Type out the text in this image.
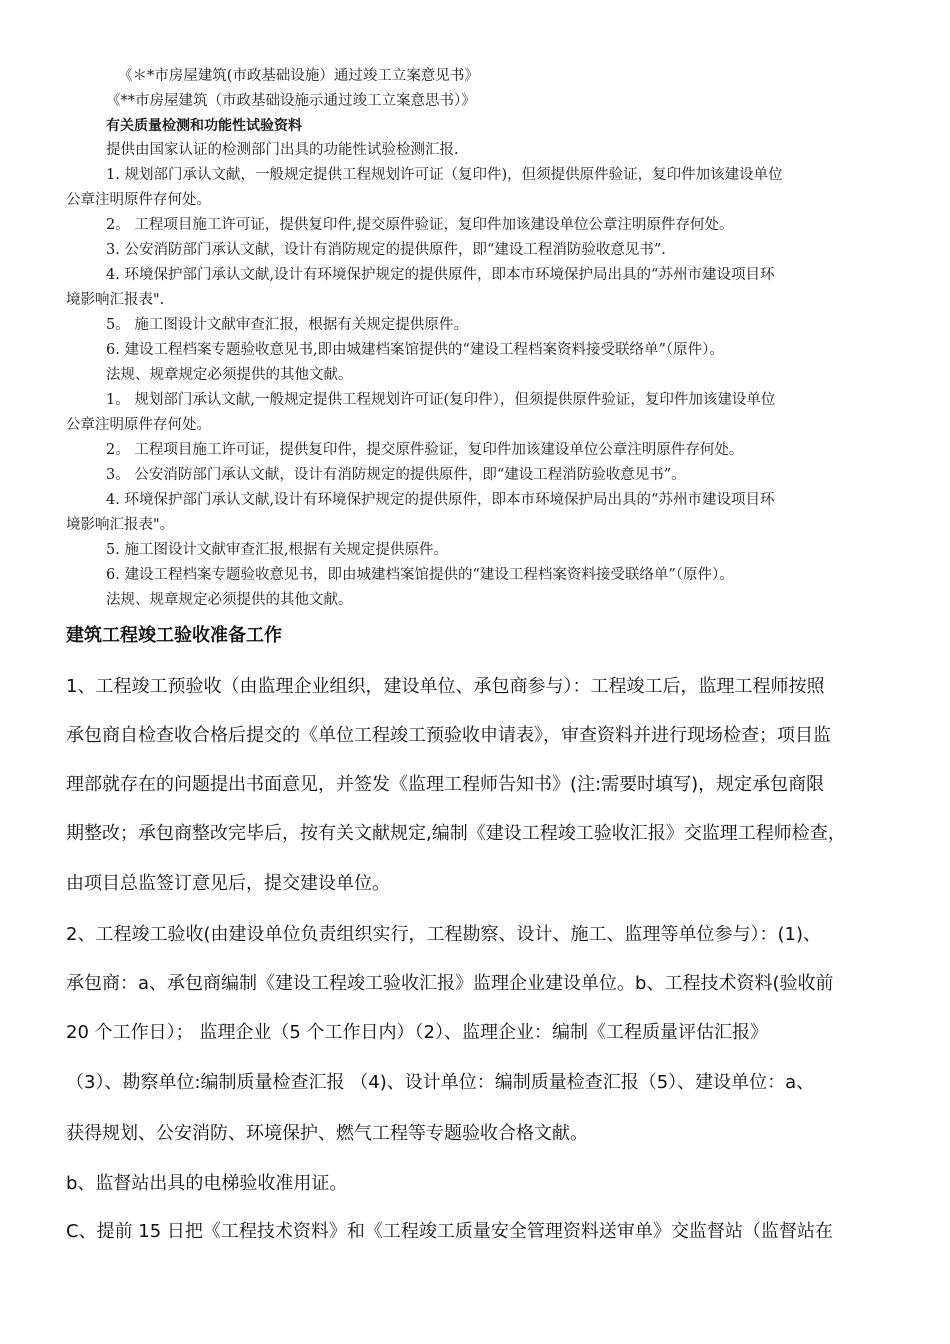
《＊*市房屋建筑(市政基础设施）通过竣工立案意见书》
《**市房屋建筑（市政基础设施示通过竣工立案意思书）》
有关质量检测和功能性试验资料
提供由国家认证的检测部门出具的功能性试验检测汇报.
1. 规划部门承认文献，一般规定提供工程规划许可证（复印件)，但须提供原件验证，复印件加该建设单位
公章注明原件存何处。
2。 工程项目施工许可证，提供复印件,提交原件验证，复印件加该建设单位公章注明原件存何处。
3. 公安消防部门承认文献，设计有消防规定的提供原件，即“建设工程消防验收意见书”.
4. 环境保护部门承认文献,设计有环境保护规定的提供原件，即本市环境保护局出具的“苏州市建设项目环
境影响汇报表".
5。 施工图设计文献审查汇报，根据有关规定提供原件。
6. 建设工程档案专题验收意见书,即由城建档案馆提供的“建设工程档案资料接受联络单”（原件）。
法规、规章规定必须提供的其他文献。
1。 规划部门承认文献,一般规定提供工程规划许可证(复印件），但须提供原件验证，复印件加该建设单位
公章注明原件存何处。
2。 工程项目施工许可证，提供复印件，提交原件验证，复印件加该建设单位公章注明原件存何处。
3。 公安消防部门承认文献，设计有消防规定的提供原件，即“建设工程消防验收意见书”。
4. 环境保护部门承认文献,设计有环境保护规定的提供原件，即本市环境保护局出具的“苏州市建设项目环
境影响汇报表"。
5. 施工图设计文献审查汇报,根据有关规定提供原件。
6. 建设工程档案专题验收意见书，即由城建档案馆提供的“建设工程档案资料接受联络单”（原件）。
法规、规章规定必须提供的其他文献。
建筑工程竣工验收准备工作
1、工程竣工预验收（由监理企业组织，建设单位、承包商参与）：工程竣工后，监理工程师按照
承包商自检查收合格后提交的《单位工程竣工预验收申请表》，审查资料并进行现场检查；项目监
理部就存在的问题提出书面意见，并签发《监理工程师告知书》(注:需要时填写)，规定承包商限
期整改；承包商整改完毕后，按有关文献规定,编制《建设工程竣工验收汇报》交监理工程师检查，
由项目总监签订意见后，提交建设单位。
2、工程竣工验收(由建设单位负责组织实行，工程勘察、设计、施工、监理等单位参与）：(1)、
承包商：a、承包商编制《建设工程竣工验收汇报》监理企业建设单位。b、工程技术资料(验收前
20 个工作日）； 监理企业（5 个工作日内）（2）、监理企业：编制《工程质量评估汇报》
（3）、勘察单位:编制质量检查汇报 （4)、设计单位：编制质量检查汇报（5）、建设单位：a、
获得规划、公安消防、环境保护、燃气工程等专题验收合格文献。
b、监督站出具的电梯验收准用证。
C、提前 15 日把《工程技术资料》和《工程竣工质量安全管理资料送审单》交监督站（监督站在
